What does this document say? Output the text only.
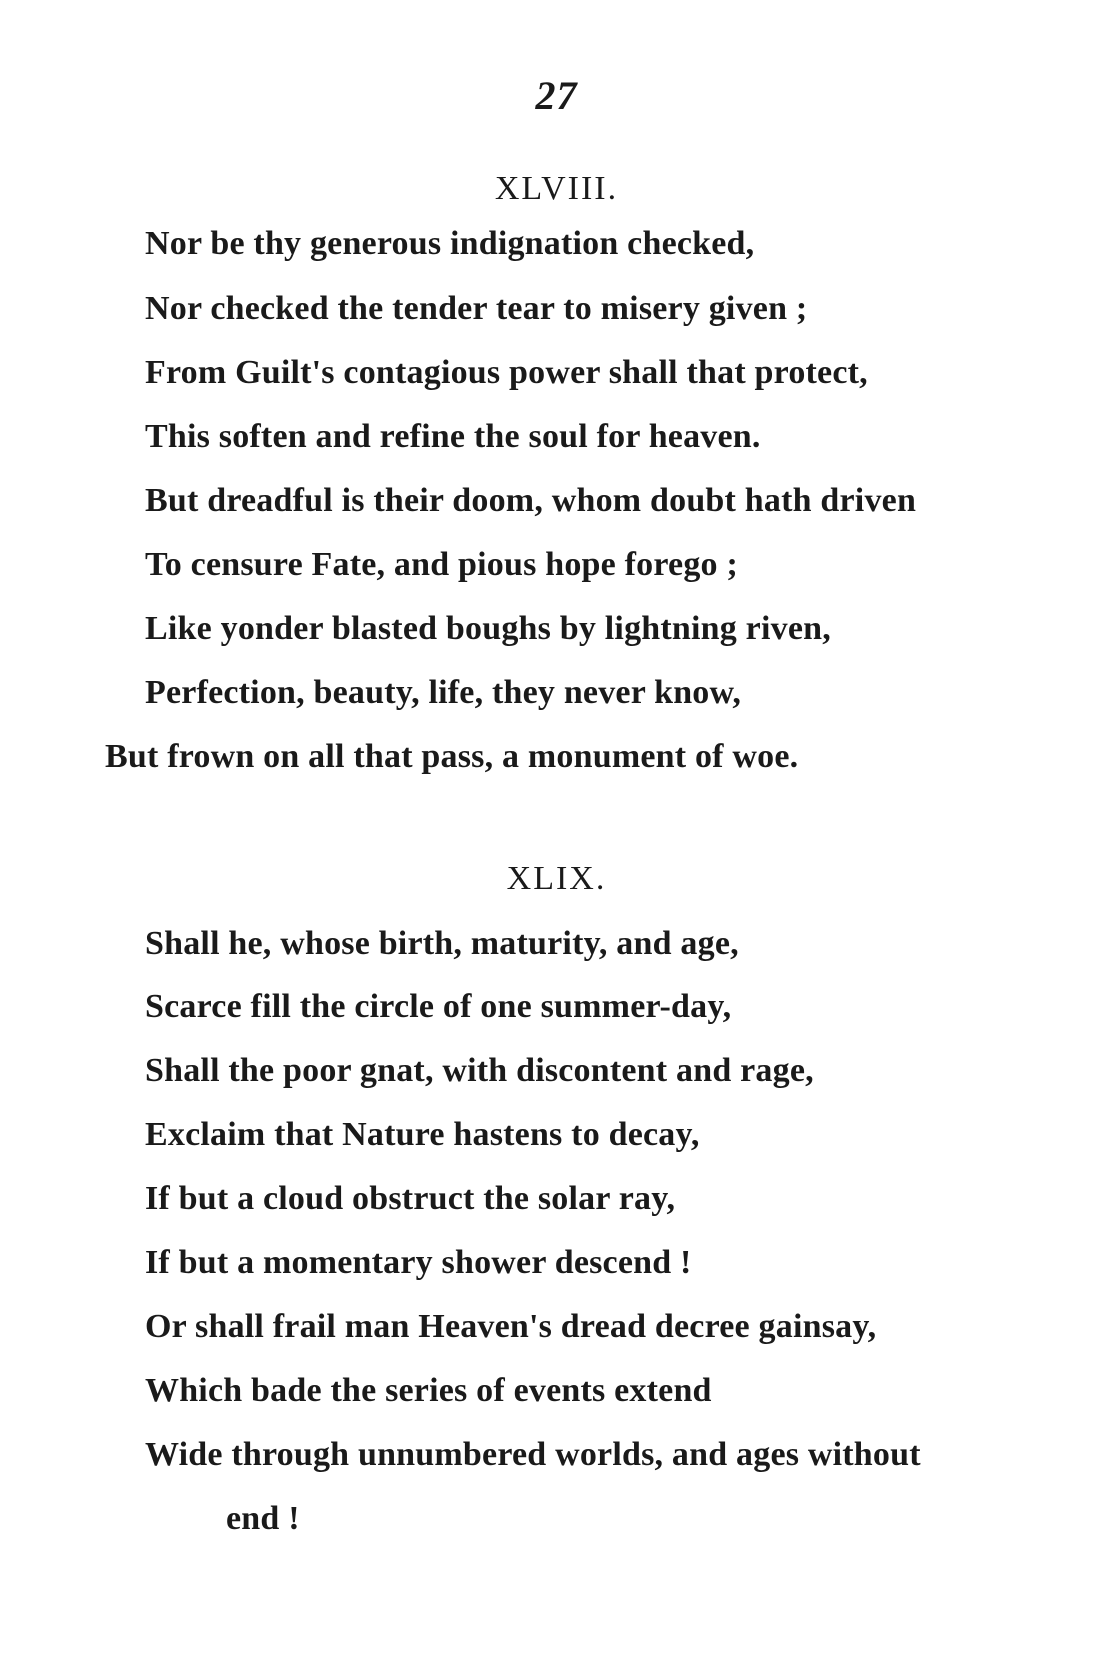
27
XLVIII.
Nor be thy generous indignation checked,
Nor checked the tender tear to misery given ;
From Guilt's contagious power shall that protect,
This soften and refine the soul for heaven.
But dreadful is their doom, whom doubt hath driven
To censure Fate, and pious hope forego ;
Like yonder blasted boughs by lightning riven,
Perfection, beauty, life, they never know,
But frown on all that pass, a monument of woe.
XLIX.
Shall he, whose birth, maturity, and age,
Scarce fill the circle of one summer-day,
Shall the poor gnat, with discontent and rage,
Exclaim that Nature hastens to decay,
If but a cloud obstruct the solar ray,
If but a momentary shower descend !
Or shall frail man Heaven's dread decree gainsay,
Which bade the series of events extend
Wide through unnumbered worlds, and ages without
end !
